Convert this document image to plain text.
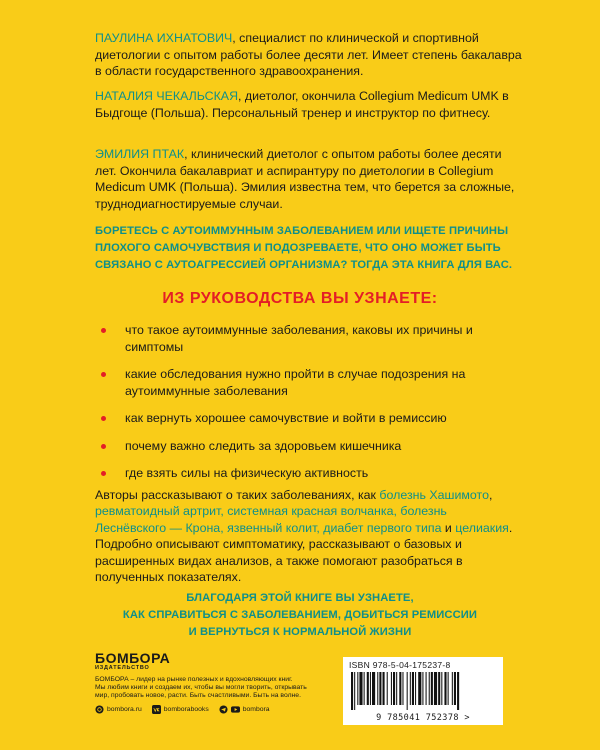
ПАУЛИНА ИХНАТОВИЧ, специалист по клинической и спортивной диетологии с опытом работы более десяти лет. Имеет степень бакалавра в области государственного здравоохранения.

НАТАЛИЯ ЧЕКАЛЬСКАЯ, диетолог, окончила Collegium Medicum UMK в Быдгоще (Польша). Персональный тренер и инструктор по фитнесу.

ЭМИЛИЯ ПТАК, клинический диетолог с опытом работы более десяти лет. Окончила бакалавриат и аспирантуру по диетологии в Collegium Medicum UMK (Польша). Эмилия известна тем, что берется за сложные, труднодиагностируемые случаи.

БОРЕТЕСЬ С АУТОИММУННЫМ ЗАБОЛЕВАНИЕМ ИЛИ ИЩЕТЕ ПРИЧИНЫ ПЛОХОГО САМОЧУВСТВИЯ И ПОДОЗРЕВАЕТЕ, ЧТО ОНО МОЖЕТ БЫТЬ СВЯЗАНО С АУТОАГРЕССИЕЙ ОРГАНИЗМА? ТОГДА ЭТА КНИГА ДЛЯ ВАС.

ИЗ РУКОВОДСТВА ВЫ УЗНАЕТЕ:
что такое аутоиммунные заболевания, каковы их причины и симптомы
какие обследования нужно пройти в случае подозрения на аутоиммунные заболевания
как вернуть хорошее самочувствие и войти в ремиссию
почему важно следить за здоровьем кишечника
где взять силы на физическую активность

Авторы рассказывают о таких заболеваниях, как болезнь Хашимото, ревматоидный артрит, системная красная волчанка, болезнь Леснёвского — Крона, язвенный колит, диабет первого типа и целиакия. Подробно описывают симптоматику, рассказывают о базовых и расширенных видах анализов, а также помогают разобраться в полученных показателях.

БЛАГОДАРЯ ЭТОЙ КНИГЕ ВЫ УЗНАЕТЕ,
КАК СПРАВИТЬСЯ С ЗАБОЛЕВАНИЕМ, ДОБИТЬСЯ РЕМИССИИ
И ВЕРНУТЬСЯ К НОРМАЛЬНОЙ ЖИЗНИ

БОМБОРА
ИЗДАТЕЛЬСТВО

БОМБОРА – лидер на рынке полезных и вдохновляющих книг.
Мы любим книги и создаем их, чтобы вы могли творить, открывать
мир, пробовать новое, расти. Быть счастливыми. Быть на волне.

bombora.ru	bomborabooks	bombora
ISBN 978-5-04-175237-8
9 785041 752378 >
